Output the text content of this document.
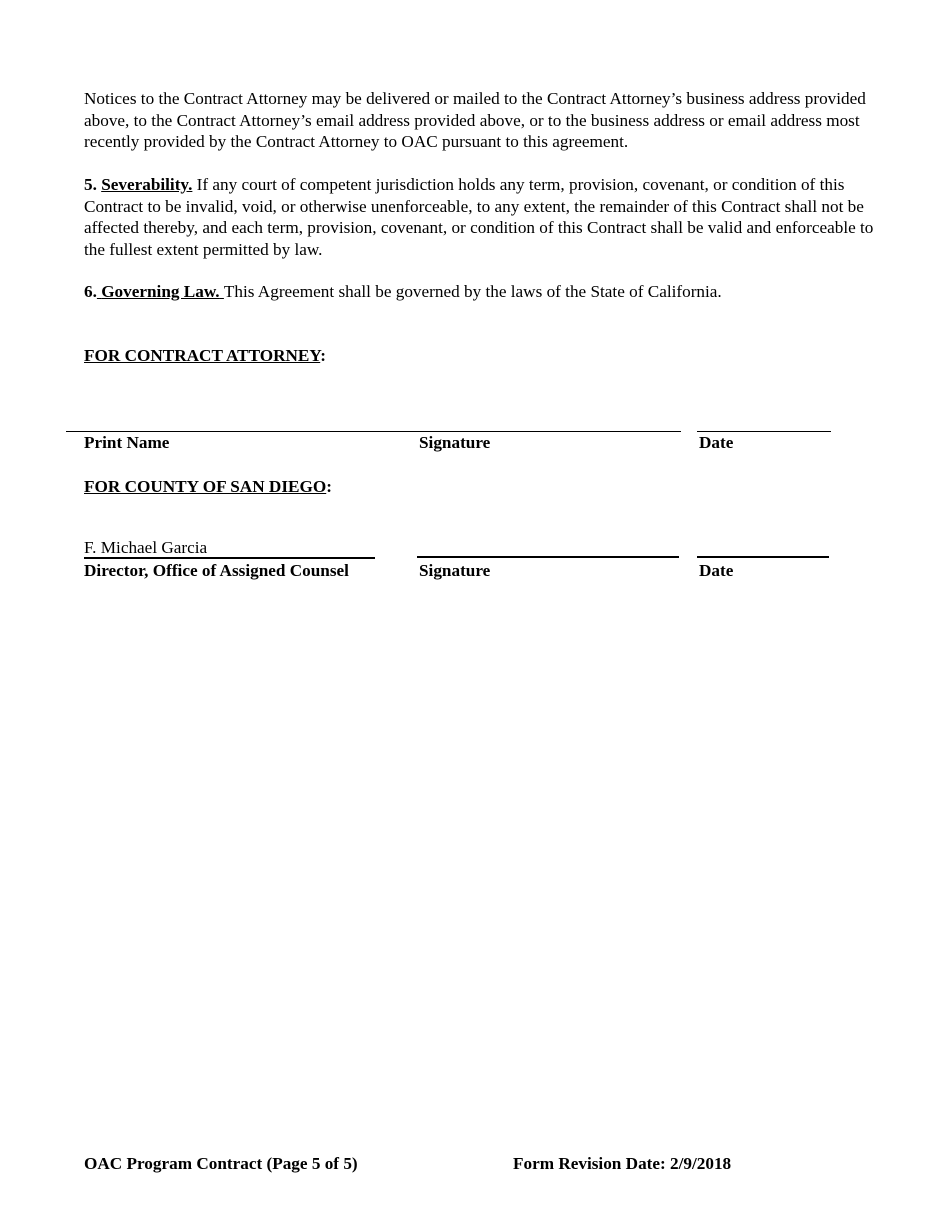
Notices to the Contract Attorney may be delivered or mailed to the Contract Attorney’s business address provided above, to the Contract Attorney’s email address provided above, or to the business address or email address most recently provided by the Contract Attorney to OAC pursuant to this agreement.

5. Severability. If any court of competent jurisdiction holds any term, provision, covenant, or condition of this Contract to be invalid, void, or otherwise unenforceable, to any extent, the remainder of this Contract shall not be affected thereby, and each term, provision, covenant, or condition of this Contract shall be valid and enforceable to the fullest extent permitted by law.

6. Governing Law. This Agreement shall be governed by the laws of the State of California.

FOR CONTRACT ATTORNEY:

Print Name	Signature	Date

FOR COUNTY OF SAN DIEGO:

F. Michael Garcia

Director, Office of Assigned Counsel	Signature	Date

OAC Program Contract (Page 5 of 5)	Form Revision Date: 2/9/2018
